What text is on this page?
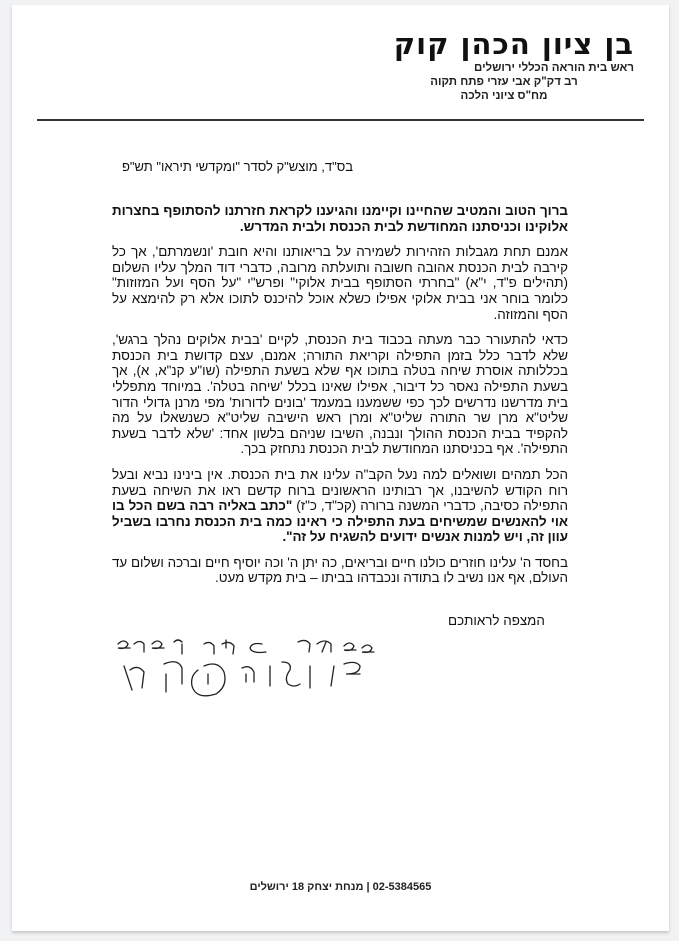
בן ציון הכהן קוק
ראש בית הוראה הכללי ירושלים
רב דק"ק אבי עזרי פתח תקוה
מח"ס ציוני הלכה
בס"ד, מוצש"ק לסדר "ומקדשי תיראו" תש"פ

ברוך הטוב והמטיב שהחיינו וקיימנו והגיענו לקראת חזרתנו להסתופף בחצרות אלוקינו וכניסתנו המחודשת לבית הכנסת ולבית המדרש.

אמנם תחת מגבלות הזהירות לשמירה על בריאותנו והיא חובת 'ונשמרתם', אך כל קירבה לבית הכנסת אהובה חשובה ותועלתה מרובה, כדברי דוד המלך עליו השלום (תהילים פ"ד, י"א) "בחרתי הסתופף בבית אלוקי" ופרש"י "על הסף ועל המזוזות" כלומר בוחר אני בבית אלוקי אפילו כשלא אוכל להיכנס לתוכו אלא רק להימצא על הסף והמזוזה.

כדאי להתעורר כבר מעתה בכבוד בית הכנסת, לקיים 'בבית אלוקים נהלך ברגש', שלא לדבר כלל בזמן התפילה וקריאת התורה; אמנם, עצם קדושת בית הכנסת בכללותה אוסרת שיחה בטלה בתוכו אף שלא בשעת התפילה (שו"ע קנ"א, א), אך בשעת התפילה נאסר כל דיבור, אפילו שאינו בכלל 'שיחה בטלה'. במיוחד מתפללי בית מדרשנו נדרשים לכך כפי ששמענו במעמד 'בונים לדורות' מפי מרנן גדולי הדור שליט"א מרן שר התורה שליט"א ומרן ראש הישיבה שליט"א כשנשאלו על מה להקפיד בבית הכנסת ההולך ונבנה, השיבו שניהם בלשון אחד: 'שלא לדבר בשעת התפילה'. אף בכניסתנו המחודשת לבית הכנסת נתחזק בכך.

הכל תמהים ושואלים למה נעל הקב"ה עלינו את בית הכנסת. אין בינינו נביא ובעל רוח הקודש להשיבנו, אך רבותינו הראשונים ברוח קדשם ראו את השיחה בשעת התפילה כסיבה, כדברי המשנה ברורה (קכ"ד, כ"ז) "כתב באליה רבה בשם הכל בו אוי להאנשים שמשיחים בעת התפילה כי ראינו כמה בית הכנסת נחרבו בשביל עוון זה, ויש למנות אנשים ידועים להשגיח על זה".

בחסד ה' עלינו חוזרים כולנו חיים ובריאים, כה יתן ה' וכה יוסיף חיים וברכה ושלום עד העולם, אף אנו נשיב לו בתודה ונכבדהו בביתו – בית מקדש מעט.

המצפה לראותכם
02-5384565 | מנחת יצחק 18 ירושלים
